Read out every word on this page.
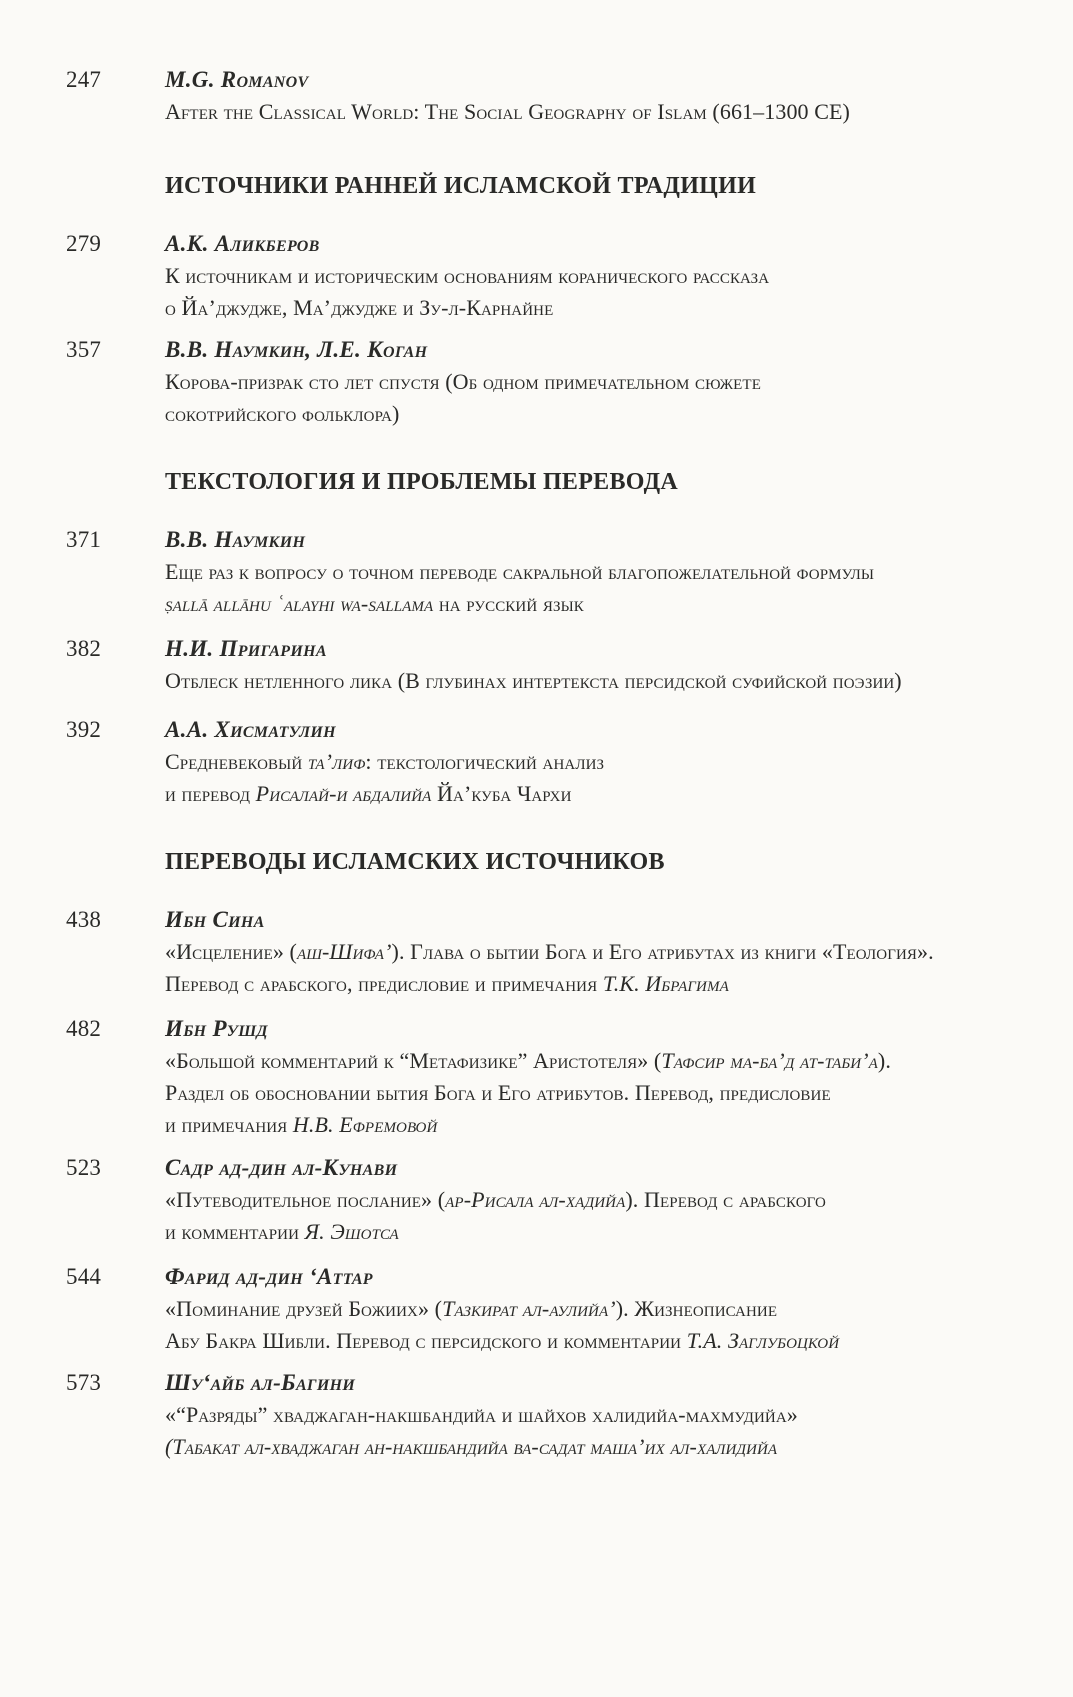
247	M.G. Romanov
After the Classical World: The Social Geography of Islam (661–1300 CE)
ИСТОЧНИКИ РАННЕЙ ИСЛАМСКОЙ ТРАДИЦИИ
279	А.К. Аликберов
К источникам и историческим основаниям коранического рассказа
о Йа’джудже, Ма’джудже и Зу-л-Карнайне
357	В.В. Наумкин, Л.Е. Коган
Корова-призрак сто лет спустя (Об одном примечательном сюжете
сокотрийского фольклора)
ТЕКСТОЛОГИЯ И ПРОБЛЕМЫ ПЕРЕВОДА
371	В.В. Наумкин
Еще раз к вопросу о точном переводе сакральной благопожелательной формулы
ṣallā allāhu ʿalayhi wa-sallama на русский язык
382	Н.И. Пригарина
Отблеск нетленного лика (В глубинах интертекста персидской суфийской поэзии)
392	А.А. Хисматулин
Средневековый та’лиф: текстологический анализ
и перевод Рисалай-и абдалийа Йа’куба Чархи
ПЕРЕВОДЫ ИСЛАМСКИХ ИСТОЧНИКОВ
438	Ибн Сина
«Исцеление» (аш-Шифа’). Глава о бытии Бога и Его атрибутах из книги «Теология».
Перевод с арабского, предисловие и примечания Т.К. Ибрагима
482	Ибн Рушд
«Большой комментарий к “Метафизике” Аристотеля» (Тафсир ма-ба’д ат-таби’а).
Раздел об обосновании бытия Бога и Его атрибутов. Перевод, предисловие
и примечания Н.В. Ефремовой
523	Садр ад-дин ал-Кунави
«Путеводительное послание» (ар-Рисала ал-хадийа). Перевод с арабского
и комментарии Я. Эшотса
544	Фарид ад-дин ‘Аттар
«Поминание друзей Божиих» (Тазкират ал-аулийа’). Жизнеописание
Абу Бакра Шибли. Перевод с персидского и комментарии Т.А. Заглубоцкой
573	Шу‘айб ал-Багини
«“Разряды” хваджаган-накшбандийа и шайхов халидийа-махмудийа»
(Табакат ал-хваджаган ан-накшбандийа ва-садат маша’их ал-халидийа
